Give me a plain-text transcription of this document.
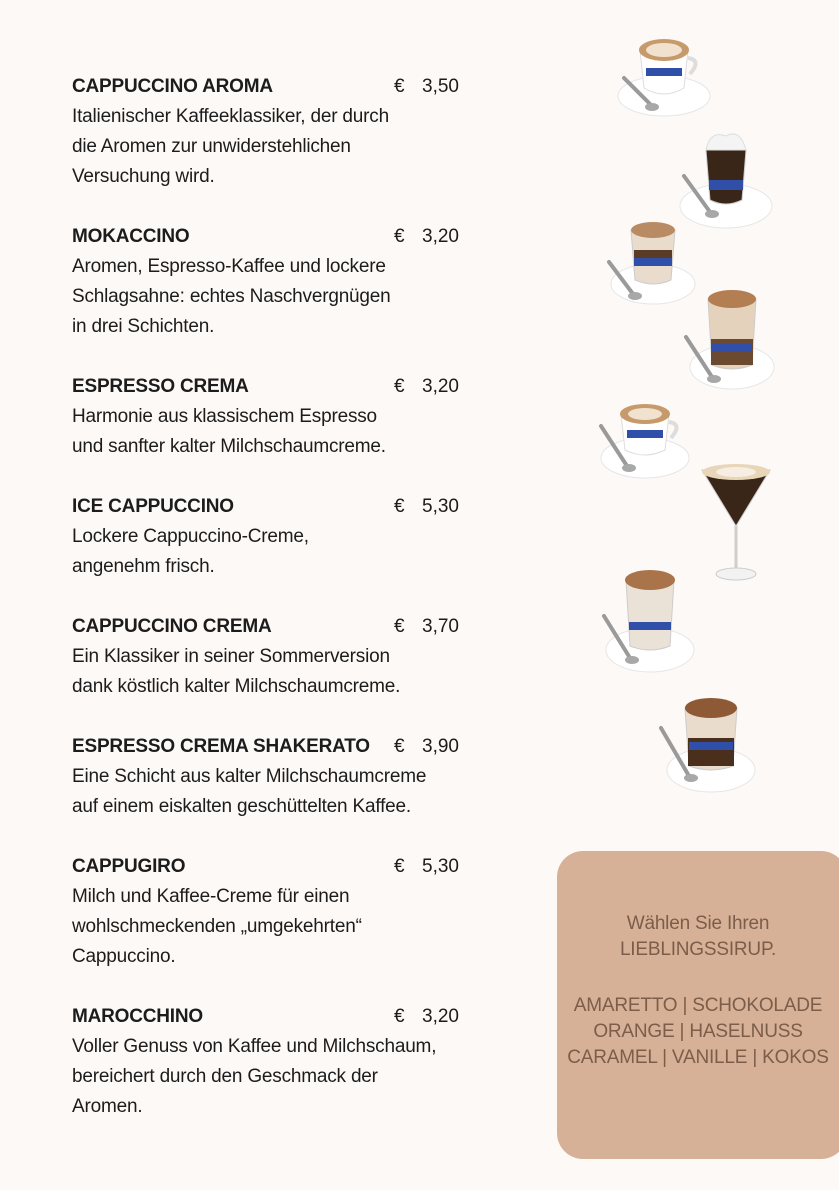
CAPPUCCINO AROMA	€ 3,50
Italienischer Kaffeeklassiker, der durch
die Aromen zur unwiderstehlichen
Versuchung wird.
MOKACCINO	€ 3,20
Aromen, Espresso-Kaffee und lockere
Schlagsahne: echtes Naschvergnügen
in drei Schichten.
ESPRESSO CREMA	€ 3,20
Harmonie aus klassischem Espresso
und sanfter kalter Milchschaumcreme.
ICE CAPPUCCINO	€ 5,30
Lockere Cappuccino-Creme,
angenehm frisch.
CAPPUCCINO CREMA	€ 3,70
Ein Klassiker in seiner Sommerversion
dank köstlich kalter Milchschaumcreme.
ESPRESSO CREMA SHAKERATO € 3,90
Eine Schicht aus kalter Milchschaumcreme
auf einem eiskalten geschüttelten Kaffee.
CAPPUGIRO	€ 5,30
Milch und Kaffee-Creme für einen
wohlschmeckenden „umgekehrten“
Cappuccino.
MAROCCHINO	€ 3,20
Voller Genuss von Kaffee und Milchschaum,
bereichert durch den Geschmack der
Aromen.
Wählen Sie Ihren
LIEBLINGSSIRUP.
AMARETTO | SCHOKOLADE
ORANGE | HASELNUSS
CARAMEL | VANILLE | KOKOS
